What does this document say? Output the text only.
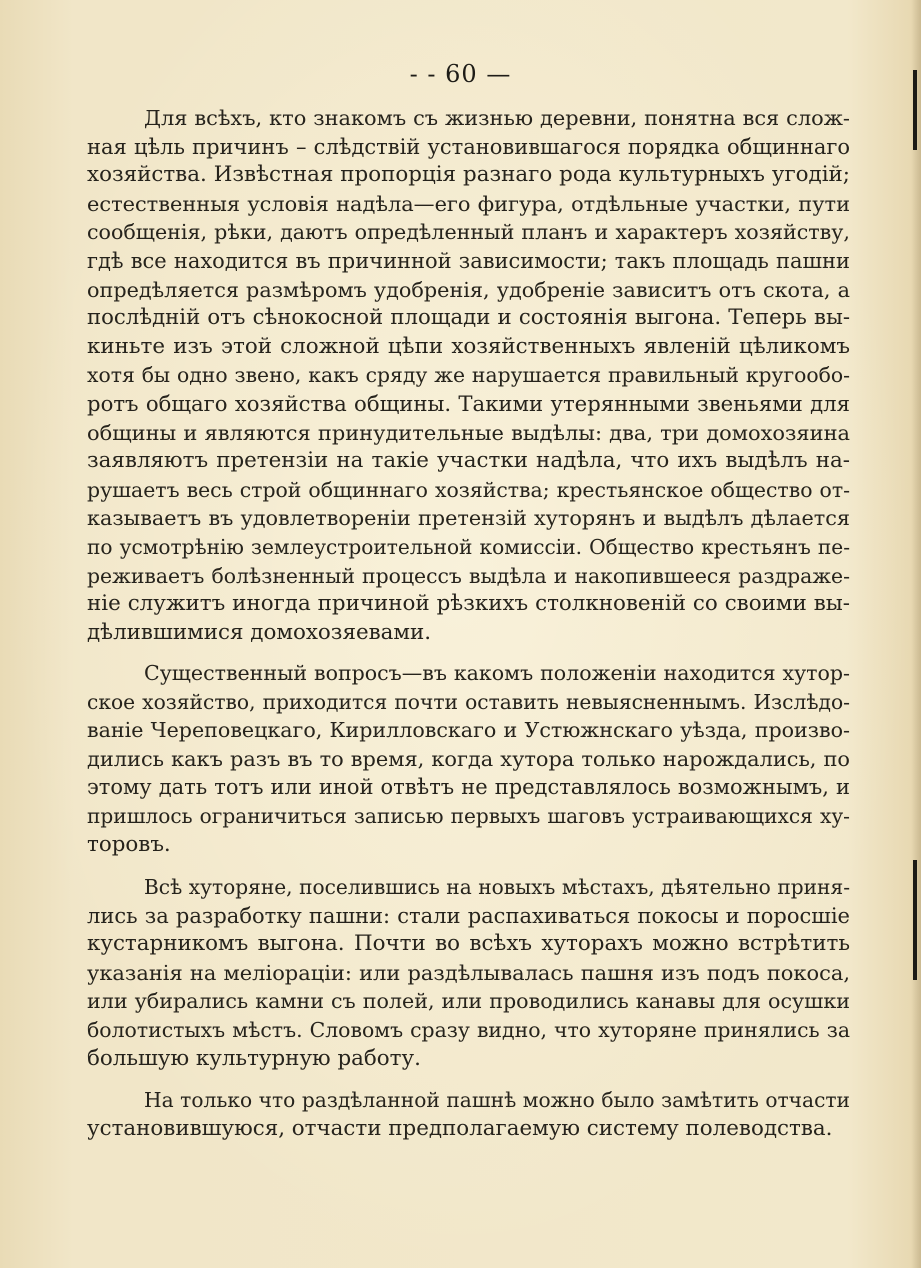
- - 60 —
Для всѣхъ, кто знакомъ съ жизнью деревни, понятна вся слож-
ная цѣль причинъ – слѣдствій установившагося порядка общиннаго
хозяйства. Извѣстная пропорція разнаго рода культурныхъ угодій;
естественныя условія надѣла—его фигура, отдѣльные участки, пути
сообщенія, рѣки, даютъ опредѣленный планъ и характеръ хозяйству,
гдѣ все находится въ причинной зависимости; такъ площадь пашни
опредѣляется размѣромъ удобренія, удобреніе зависитъ отъ скота, а
послѣдній отъ сѣнокосной площади и состоянія выгона. Теперь вы-
киньте изъ этой сложной цѣпи хозяйственныхъ явленій цѣликомъ
хотя бы одно звено, какъ сряду же нарушается правильный кругообо-
ротъ общаго хозяйства общины. Такими утерянными звеньями для
общины и являются принудительные выдѣлы: два, три домохозяина
заявляютъ претензіи на такіе участки надѣла, что ихъ выдѣлъ на-
рушаетъ весь строй общиннаго хозяйства; крестьянское общество от-
казываетъ въ удовлетвореніи претензій хуторянъ и выдѣлъ дѣлается
по усмотрѣнію землеустроительной комиссіи. Общество крестьянъ пе-
реживаетъ болѣзненный процессъ выдѣла и накопившееся раздраже-
ніе служитъ иногда причиной рѣзкихъ столкновеній со своими вы-
дѣлившимися домохозяевами.
Существенный вопросъ—въ какомъ положеніи находится хутор-
ское хозяйство, приходится почти оставить невыясненнымъ. Изслѣдо-
ваніе Череповецкаго, Кирилловскаго и Устюжнскаго уѣзда, произво-
дились какъ разъ въ то время, когда хутора только нарождались, по
этому дать тотъ или иной отвѣтъ не представлялось возможнымъ, и
пришлось ограничиться записью первыхъ шаговъ устраивающихся ху-
торовъ.
Всѣ хуторяне, поселившись на новыхъ мѣстахъ, дѣятельно приня-
лись за разработку пашни: стали распахиваться покосы и поросшіе
кустарникомъ выгона. Почти во всѣхъ хуторахъ можно встрѣтить
указанія на меліораціи: или раздѣлывалась пашня изъ подъ покоса,
или убирались камни съ полей, или проводились канавы для осушки
болотистыхъ мѣстъ. Словомъ сразу видно, что хуторяне принялись за
большую культурную работу.
На только что раздѣланной пашнѣ можно было замѣтить отчасти
установившуюся, отчасти предполагаемую систему полеводства.
